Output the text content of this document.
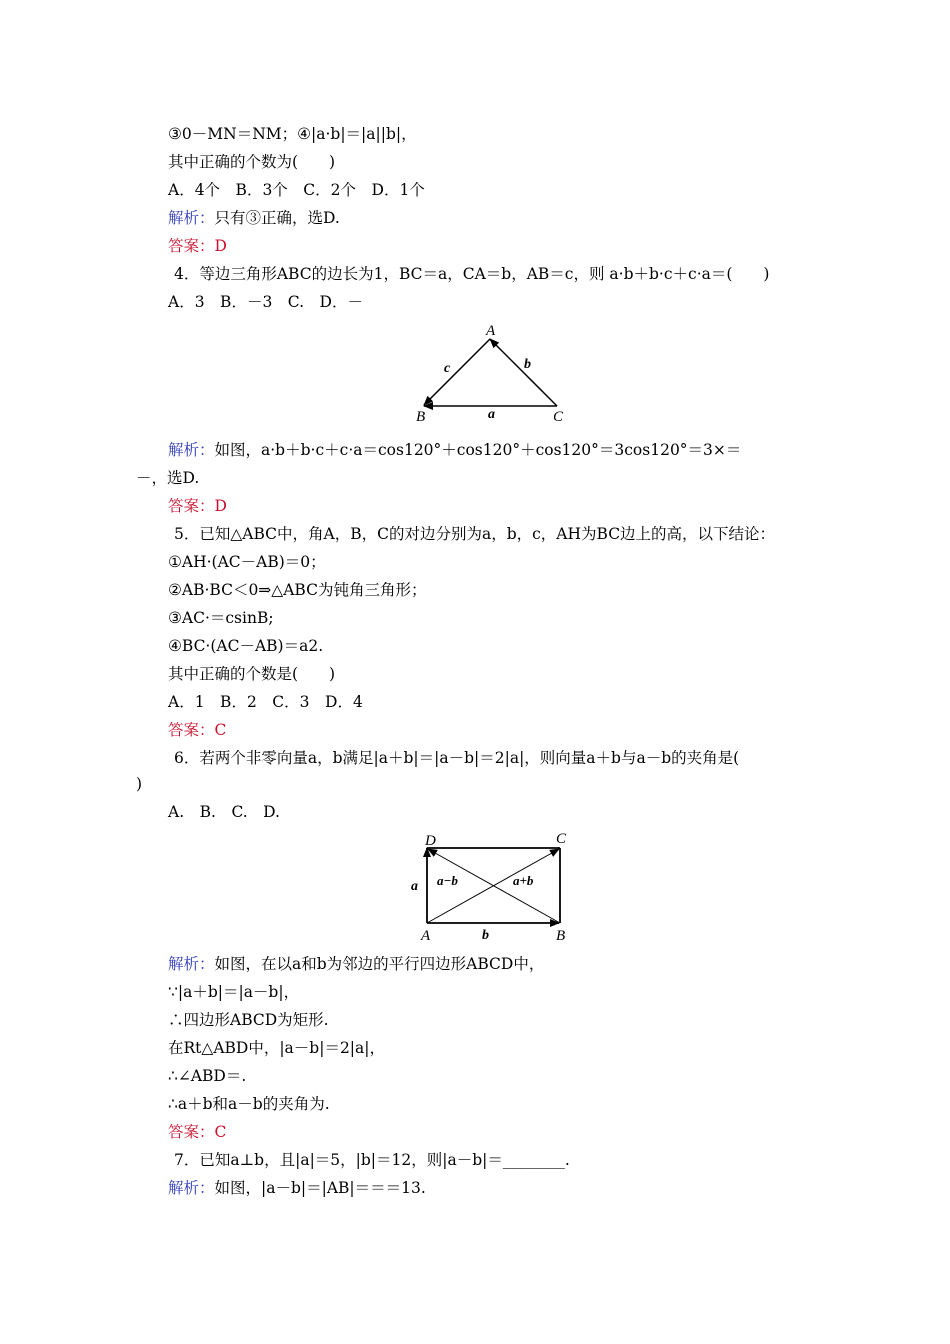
③0－MN＝NM；④|a·b|＝|a||b|，
其中正确的个数为(　　)
A．4个　B．3个　C．2个　D．1个
解析：只有③正确，选D.
答案：D
4．等边三角形ABC的边长为1，BC＝a，CA＝b，AB＝c，则 a·b＋b·c＋c·a＝(　　)
A．3　B．－3　C.　D．－
A
B	C
a
b
c
解析：如图，a·b＋b·c＋c·a＝cos120°＋cos120°＋cos120°＝3cos120°＝3×＝
－，选D.
答案：D
5．已知△ABC中，角A，B，C的对边分别为a，b，c，AH为BC边上的高，以下结论：
①AH·(AC－AB)＝0；
②AB·BC＜0⇒△ABC为钝角三角形；
③AC·＝csinB;
④BC·(AC－AB)＝a2.
其中正确的个数是(　　)
A．1　B．2　C．3　D．4
答案：C
6．若两个非零向量a，b满足|a＋b|＝|a－b|＝2|a|，则向量a＋b与a－b的夹角是(
)
A.　B.　C.　D.
D	C
A	B
a
b
a−b	a+b
解析：如图，在以a和b为邻边的平行四边形ABCD中，
∵|a＋b|＝|a－b|，
∴四边形ABCD为矩形.
在Rt△ABD中，|a－b|＝2|a|，
∴∠ABD＝.
∴a＋b和a－b的夹角为.
答案：C
7．已知a⊥b，且|a|＝5，|b|＝12，则|a－b|＝________.
解析：如图，|a－b|＝|AB|＝＝＝13.
